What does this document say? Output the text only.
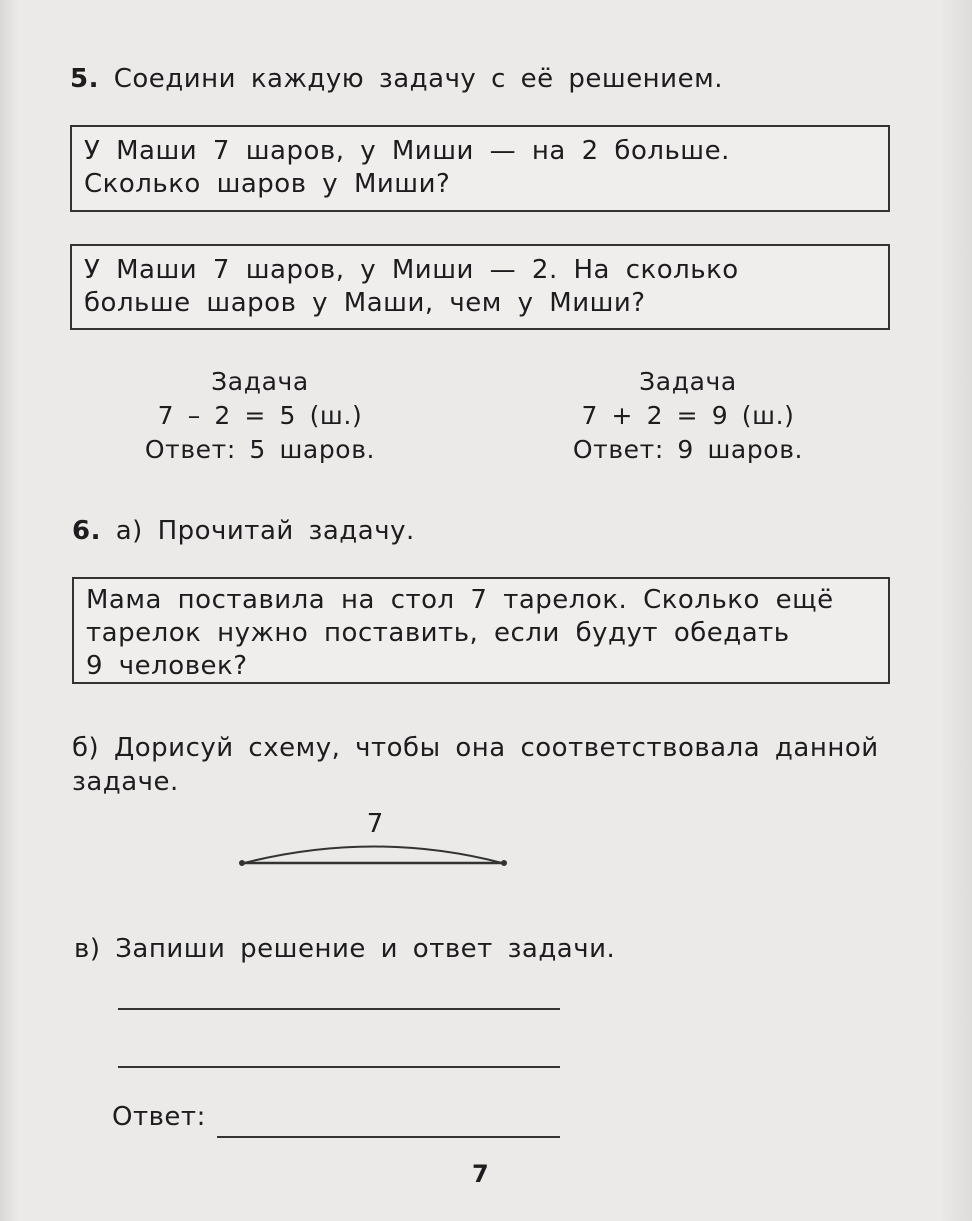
5. Соедини каждую задачу с её решением.

У Маши 7 шаров, у Миши — на 2 больше.

Сколько шаров у Миши?

У Маши 7 шаров, у Миши — 2. На сколько

больше шаров у Маши, чем у Миши?

Задача
7 – 2 = 5 (ш.)
Ответ: 5 шаров.
Задача
7 + 2 = 9 (ш.)
Ответ: 9 шаров.
6. а) Прочитай задачу.

Мама поставила на стол 7 тарелок. Сколько ещё

тарелок нужно поставить, если будут обедать

9 человек?

б) Дорисуй схему, чтобы она соответствовала данной
задаче.
7
в) Запиши решение и ответ задачи.
Ответ:
7
